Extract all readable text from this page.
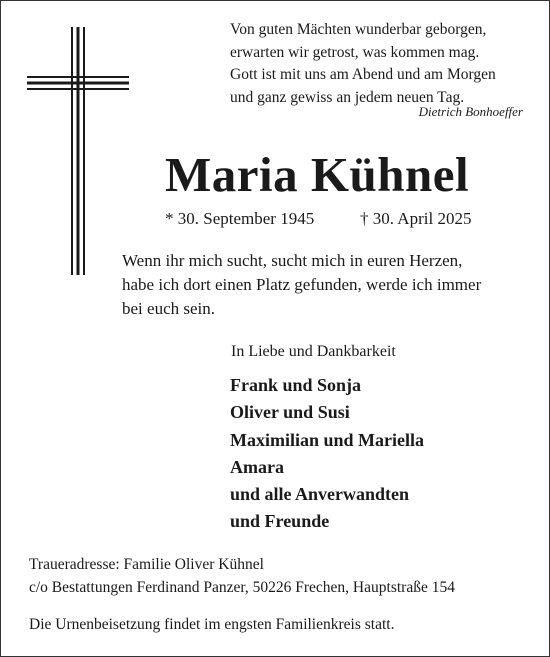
Von guten Mächten wunderbar geborgen,
erwarten wir getrost, was kommen mag.
Gott ist mit uns am Abend und am Morgen
und ganz gewiss an jedem neuen Tag.
Dietrich Bonhoeffer
Maria Kühnel
* 30. September 1945	† 30. April 2025
Wenn ihr mich sucht, sucht mich in euren Herzen,
habe ich dort einen Platz gefunden, werde ich immer
bei euch sein.
In Liebe und Dankbarkeit
Frank und Sonja
Oliver und Susi
Maximilian und Mariella
Amara
und alle Anverwandten
und Freunde
Traueradresse: Familie Oliver Kühnel
c/o Bestattungen Ferdinand Panzer, 50226 Frechen, Hauptstraße 154
Die Urnenbeisetzung findet im engsten Familienkreis statt.
